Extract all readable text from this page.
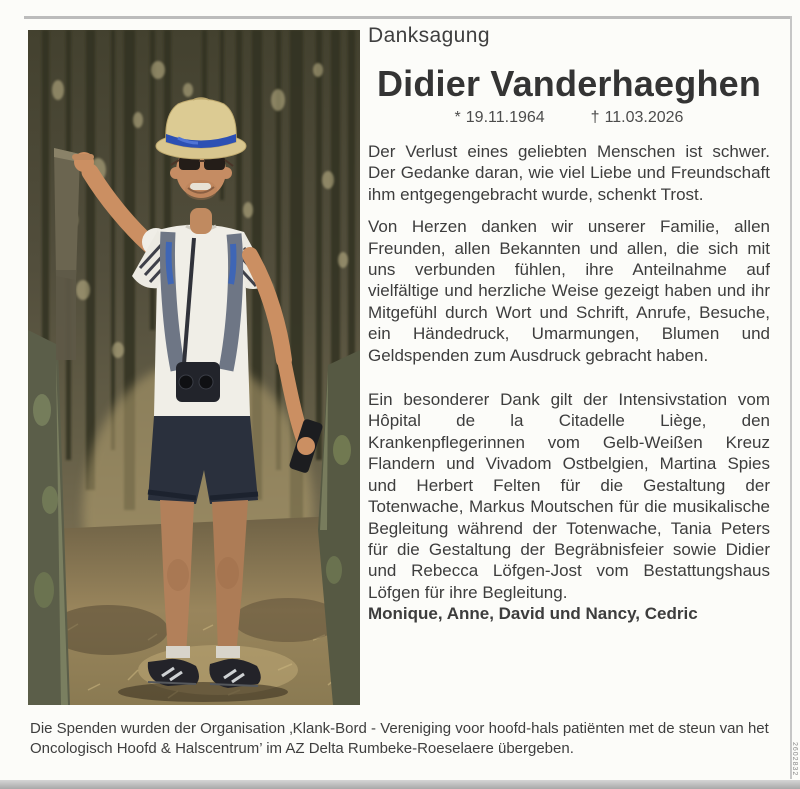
Danksagung
Didier Vanderhaeghen
* 19.11.1964	† 11.03.2026

Der Verlust eines geliebten Menschen ist schwer. Der Gedanke daran, wie viel Liebe und Freundschaft ihm entgegengebracht wurde, schenkt Trost.

Von Herzen danken wir unserer Familie, allen Freunden, allen Bekannten und allen, die sich mit uns verbunden fühlen, ihre Anteilnahme auf vielfältige und herzliche Weise gezeigt haben und ihr Mitgefühl durch Wort und Schrift, Anrufe, Besuche, ein Händedruck, Umarmungen, Blumen und Geldspenden zum Ausdruck gebracht haben.

Ein besonderer Dank gilt der Intensivstation vom Hôpital de la Citadelle Liège, den Krankenpflegerinnen vom Gelb-Weißen Kreuz Flandern und Vivadom Ostbelgien, Martina Spies und Herbert Felten für die Gestaltung der Totenwache, Markus Moutschen für die musikalische Begleitung während der Totenwache, Tania Peters für die Gestaltung der Begräbnisfeier sowie Didier und Rebecca Löfgen-Jost vom Bestattungshaus Löfgen für ihre Begleitung.

Monique, Anne, David und Nancy, Cedric

Die Spenden wurden der Organisation ‚Klank-Bord - Vereniging voor hoofd-hals patiënten met de steun van het Oncologisch Hoofd & Halscentrum’ im AZ Delta Rumbeke-Roeselaere übergeben.	2602832
